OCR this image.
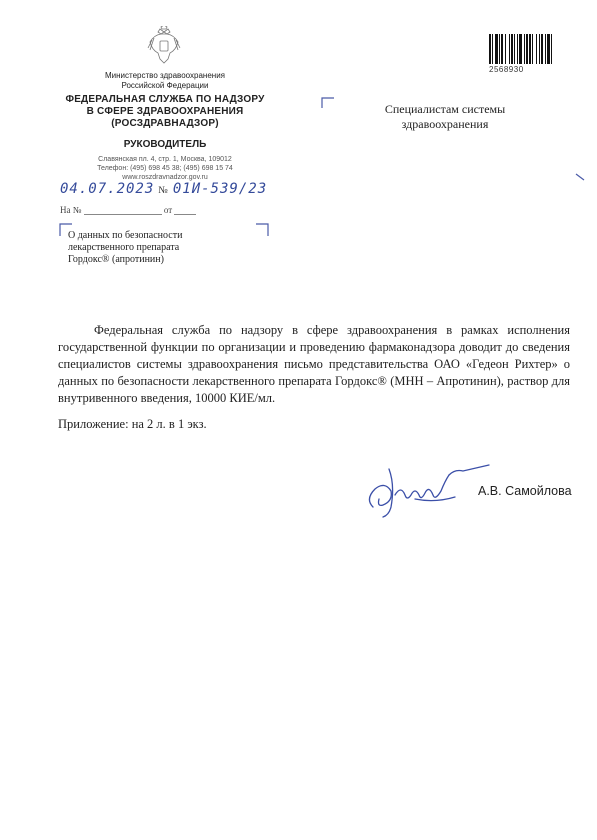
2568930
Министерство здравоохранения
Российской Федерации
ФЕДЕРАЛЬНАЯ СЛУЖБА ПО НАДЗОРУ
В СФЕРЕ ЗДРАВООХРАНЕНИЯ
(РОСЗДРАВНАДЗОР)
РУКОВОДИТЕЛЬ
Славянская пл. 4, стр. 1, Москва, 109012
Телефон: (495) 698 45 38; (495) 698 15 74
www.roszdravnadzor.gov.ru
04.07.2023 № 01И-539/23
На №	от
О данных по безопасности
лекарственного препарата
Гордокс® (апротинин)
Специалистам системы
здравоохранения
Федеральная служба по надзору в сфере здравоохранения в рамках исполнения государственной функции по организации и проведению фармаконадзора доводит до сведения специалистов системы здравоохранения письмо представительства ОАО «Гедеон Рихтер» о данных по безопасности лекарственного препарата Гордокс® (МНН – Апротинин), раствор для внутривенного введения, 10000 КИЕ/мл.
Приложение: на 2 л. в 1 экз.
А.В. Самойлова
